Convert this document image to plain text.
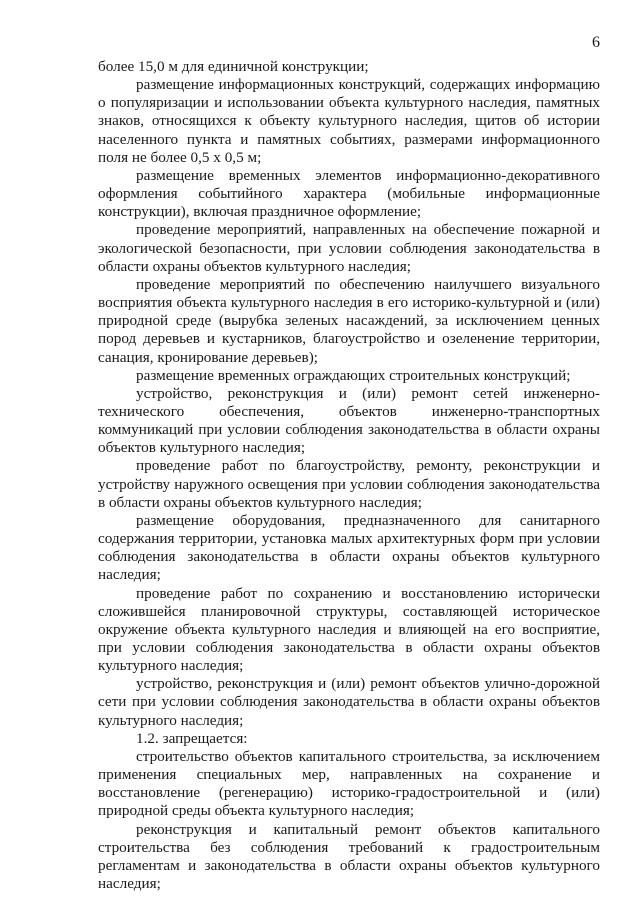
6

более 15,0 м для единичной конструкции;

размещение информационных конструкций, содержащих информацию о популяризации и использовании объекта культурного наследия, памятных знаков, относящихся к объекту культурного наследия, щитов об истории населенного пункта и памятных событиях, размерами информационного поля не более 0,5 х 0,5 м;

размещение временных элементов информационно-декоративного оформления событийного характера (мобильные информационные конструкции), включая праздничное оформление;

проведение мероприятий, направленных на обеспечение пожарной и экологической безопасности, при условии соблюдения законодательства в области охраны объектов культурного наследия;

проведение мероприятий по обеспечению наилучшего визуального восприятия объекта культурного наследия в его историко-культурной и (или) природной среде (вырубка зеленых насаждений, за исключением ценных пород деревьев и кустарников, благоустройство и озеленение территории, санация, кронирование деревьев);

размещение временных ограждающих строительных конструкций;

устройство, реконструкция и (или) ремонт сетей инженерно-технического обеспечения, объектов инженерно-транспортных коммуникаций при условии соблюдения законодательства в области охраны объектов культурного наследия;

проведение работ по благоустройству, ремонту, реконструкции и устройству наружного освещения при условии соблюдения законодательства в области охраны объектов культурного наследия;

размещение оборудования, предназначенного для санитарного содержания территории, установка малых архитектурных форм при условии соблюдения законодательства в области охраны объектов культурного наследия;

проведение работ по сохранению и восстановлению исторически сложившейся планировочной структуры, составляющей историческое окружение объекта культурного наследия и влияющей на его восприятие, при условии соблюдения законодательства в области охраны объектов культурного наследия;

устройство, реконструкция и (или) ремонт объектов улично-дорожной сети при условии соблюдения законодательства в области охраны объектов культурного наследия;

1.2. запрещается:

строительство объектов капитального строительства, за исключением применения специальных мер, направленных на сохранение и восстановление (регенерацию) историко-градостроительной и (или) природной среды объекта культурного наследия;

реконструкция и капитальный ремонт объектов капитального строительства без соблюдения требований к градостроительным регламентам и законодательства в области охраны объектов культурного наследия;
